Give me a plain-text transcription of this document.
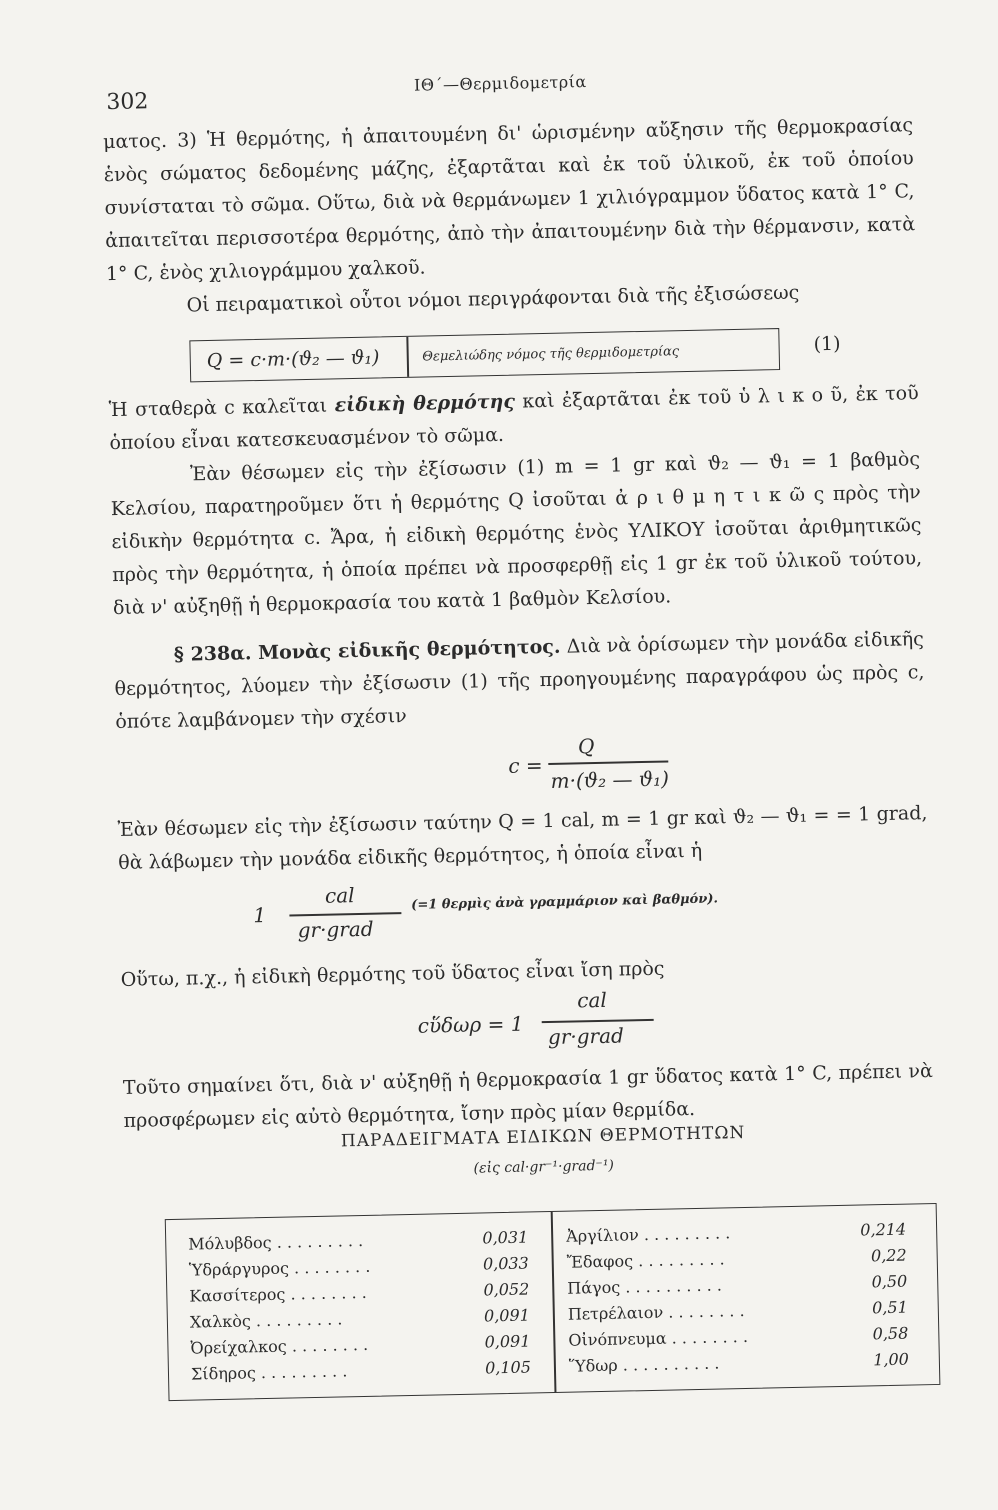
302
ΙΘ΄—Θερμιδομετρία
ματος. 3) Ἡ θερμότης, ἡ ἀπαιτουμένη δι' ὡρισμένην αὔξησιν τῆς θερμοκρασίας ἑνὸς σώματος δεδομένης μάζης, ἐξαρτᾶται καὶ ἐκ τοῦ ὑλικοῦ, ἐκ τοῦ ὁποίου συνίσταται τὸ σῶμα. Οὕτω, διὰ νὰ θερμάνωμεν 1 χιλιόγραμμον ὕδατος κατὰ 1° C, ἀπαιτεῖται περισσοτέρα θερμότης, ἀπὸ τὴν ἀπαιτουμένην διὰ τὴν θέρμανσιν, κατὰ 1° C, ἑνὸς χιλιογράμμου χαλκοῦ.
Οἱ πειραματικοὶ οὗτοι νόμοι περιγράφονται διὰ τῆς ἐξισώσεως
Q = c·m·(ϑ₂ — ϑ₁)	Θεμελιώδης νόμος τῆς θερμιδομετρίας	(1)
Ἡ σταθερὰ c καλεῖται εἰδικὴ θερμότης καὶ ἐξαρτᾶται ἐκ τοῦ ὑ λ ι κ ο ῦ, ἐκ τοῦ ὁποίου εἶναι κατεσκευασμένον τὸ σῶμα.
Ἐὰν θέσωμεν εἰς τὴν ἐξίσωσιν (1) m = 1 gr καὶ ϑ₂ — ϑ₁ = 1 βαθμὸς Κελσίου, παρατηροῦμεν ὅτι ἡ θερμότης Q ἰσοῦται ἀ ρ ι θ μ η τ ι κ ῶ ς πρὸς τὴν εἰδικὴν θερμότητα c. Ἄρα, ἡ εἰδικὴ θερμότης ἑνὸς ΥΛΙΚΟΥ ἰσοῦται ἀριθμητικῶς πρὸς τὴν θερμότητα, ἡ ὁποία πρέπει νὰ προσφερθῇ εἰς 1 gr ἐκ τοῦ ὑλικοῦ τούτου, διὰ ν' αὐξηθῇ ἡ θερμοκρασία του κατὰ 1 βαθμὸν Κελσίου.
§ 238α. Μονὰς εἰδικῆς θερμότητος. Διὰ νὰ ὁρίσωμεν τὴν μονάδα εἰδικῆς θερμότητος, λύομεν τὴν ἐξίσωσιν (1) τῆς προηγουμένης παραγράφου ὡς πρὸς c, ὁπότε λαμβάνομεν τὴν σχέσιν
c =
Q
m·(ϑ₂ — ϑ₁)
Ἐὰν θέσωμεν εἰς τὴν ἐξίσωσιν ταύτην Q = 1 cal, m = 1 gr καὶ ϑ₂ — ϑ₁ = = 1 grad, θὰ λάβωμεν τὴν μονάδα εἰδικῆς θερμότητος, ἡ ὁποία εἶναι ἡ
1
cal
gr·grad
(=1 θερμὶς ἀνὰ γραμμάριον καὶ βαθμόν).
Οὕτω, π.χ., ἡ εἰδικὴ θερμότης τοῦ ὕδατος εἶναι ἴση πρὸς
cὕδωρ = 1
cal
gr·grad
Τοῦτο σημαίνει ὅτι, διὰ ν' αὐξηθῇ ἡ θερμοκρασία 1 gr ὕδατος κατὰ 1° C, πρέπει νὰ προσφέρωμεν εἰς αὐτὸ θερμότητα, ἴσην πρὸς μίαν θερμίδα.
ΠΑΡΑΔΕΙΓΜΑΤΑ ΕΙΔΙΚΩΝ ΘΕΡΜΟΤΗΤΩΝ
(εἰς cal·gr⁻¹·grad⁻¹)
Μόλυβδος . . . . . . . . .	0,031
Ὑδράργυρος . . . . . . . .	0,033
Κασσίτερος . . . . . . . .	0,052
Χαλκὸς . . . . . . . . .	0,091
Ὀρείχαλκος . . . . . . . .	0,091
Σίδηρος . . . . . . . . .	0,105
Ἀργίλιον . . . . . . . . .	0,214
Ἔδαφος . . . . . . . . .	0,22
Πάγος . . . . . . . . . .	0,50
Πετρέλαιον . . . . . . . .	0,51
Οἰνόπνευμα . . . . . . . .	0,58
Ὕδωρ . . . . . . . . . .	1,00
